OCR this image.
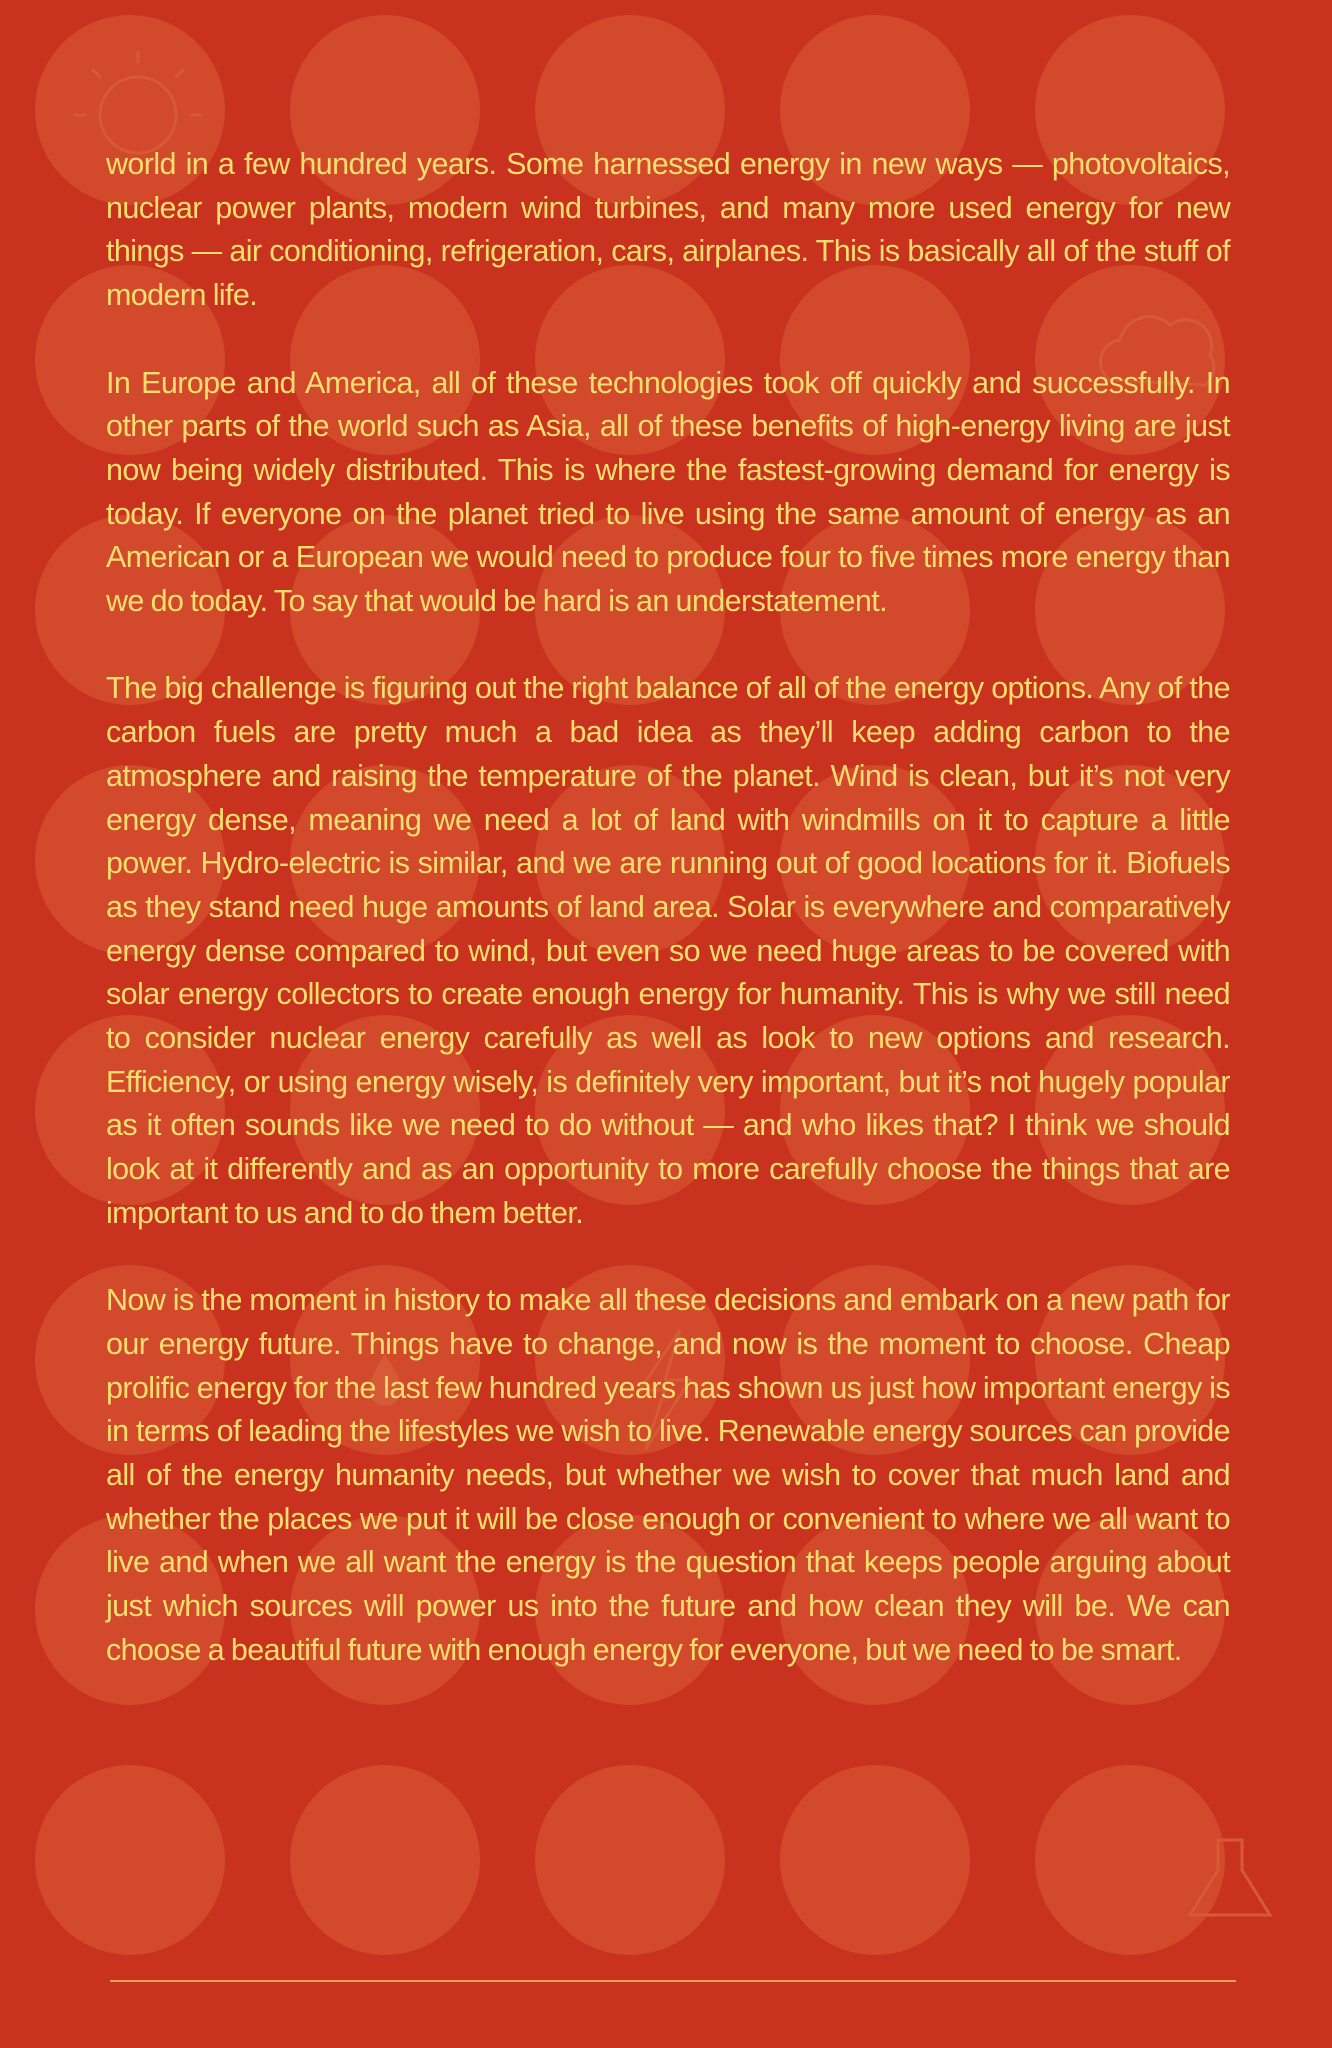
world in a few hundred years. Some harnessed energy in new ways — photovoltaics, nuclear power plants, modern wind turbines, and many more used energy for new things — air conditioning, refrigeration, cars, airplanes. This is basically all of the stuff of modern life.

In Europe and America, all of these technologies took off quickly and successfully. In other parts of the world such as Asia, all of these benefits of high-energy living are just now being widely distributed. This is where the fastest-growing demand for energy is today. If everyone on the planet tried to live using the same amount of energy as an American or a European we would need to produce four to five times more energy than we do today. To say that would be hard is an understatement.

The big challenge is figuring out the right balance of all of the energy options. Any of the carbon fuels are pretty much a bad idea as they’ll keep adding carbon to the atmosphere and raising the temperature of the planet. Wind is clean, but it’s not very energy dense, meaning we need a lot of land with windmills on it to capture a little power. Hydro-electric is similar, and we are running out of good locations for it. Biofuels as they stand need huge amounts of land area. Solar is everywhere and comparatively energy dense compared to wind, but even so we need huge areas to be covered with solar energy collectors to create enough energy for humanity. This is why we still need to consider nuclear energy carefully as well as look to new options and research. Efficiency, or using energy wisely, is definitely very important, but it’s not hugely popular as it often sounds like we need to do without — and who likes that? I think we should look at it differently and as an opportunity to more carefully choose the things that are important to us and to do them better.

Now is the moment in history to make all these decisions and embark on a new path for our energy future. Things have to change, and now is the moment to choose. Cheap prolific energy for the last few hundred years has shown us just how important energy is in terms of leading the lifestyles we wish to live. Renewable energy sources can provide all of the energy humanity needs, but whether we wish to cover that much land and whether the places we put it will be close enough or convenient to where we all want to live and when we all want the energy is the question that keeps people arguing about just which sources will power us into the future and how clean they will be. We can choose a beautiful future with enough energy for everyone, but we need to be smart.
